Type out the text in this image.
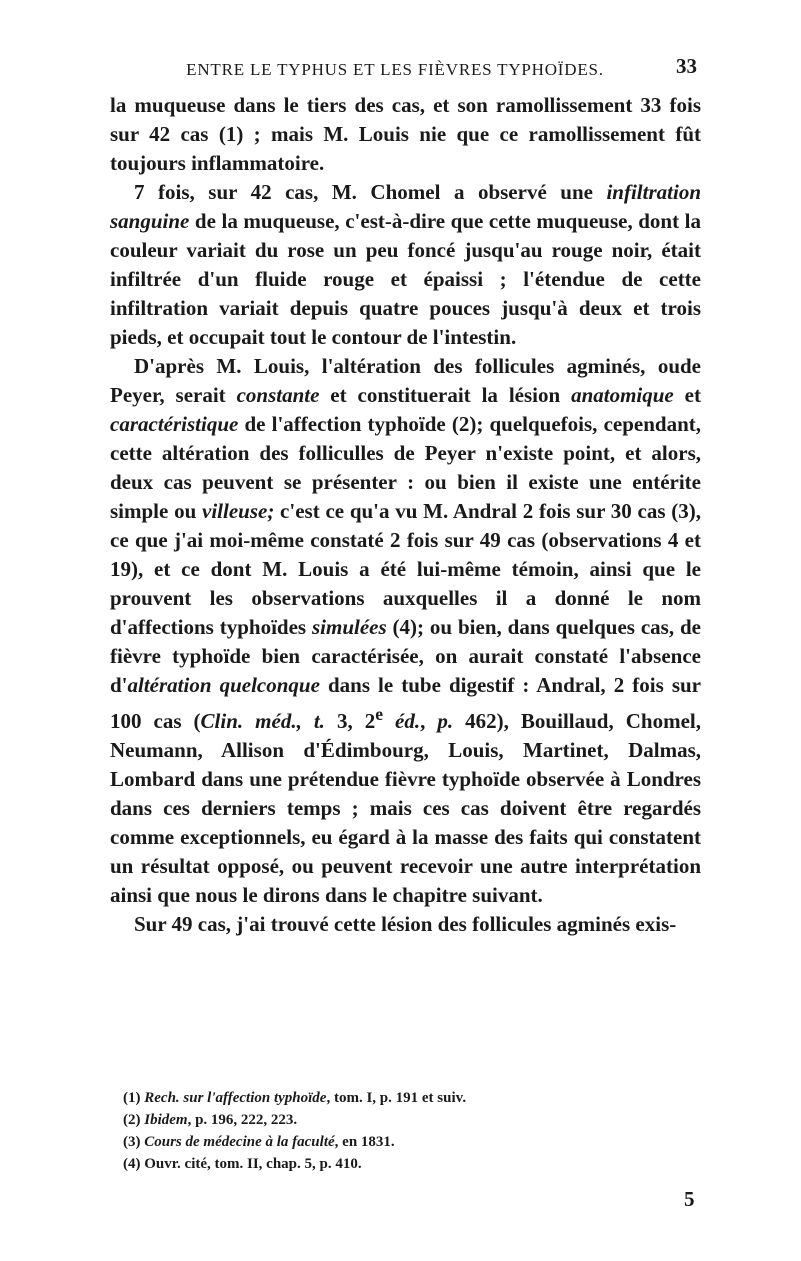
ENTRE LE TYPHUS ET LES FIÈVRES TYPHOÏDES.	33

la muqueuse dans le tiers des cas, et son ramollissement 33 fois sur 42 cas (1) ; mais M. Louis nie que ce ramollissement fût toujours inflammatoire.

7 fois, sur 42 cas, M. Chomel a observé une infiltration sanguine de la muqueuse, c'est-à-dire que cette muqueuse, dont la couleur variait du rose un peu foncé jusqu'au rouge noir, était infiltrée d'un fluide rouge et épaissi ; l'étendue de cette infiltration variait depuis quatre pouces jusqu'à deux et trois pieds, et occupait tout le contour de l'intestin.

D'après M. Louis, l'altération des follicules agminés, oude Peyer, serait constante et constituerait la lésion anatomique et caractéristique de l'affection typhoïde (2); quelquefois, cependant, cette altération des folliculles de Peyer n'existe point, et alors, deux cas peuvent se présenter : ou bien il existe une entérite simple ou villeuse; c'est ce qu'a vu M. Andral 2 fois sur 30 cas (3), ce que j'ai moi-même constaté 2 fois sur 49 cas (observations 4 et 19), et ce dont M. Louis a été lui-même témoin, ainsi que le prouvent les observations auxquelles il a donné le nom d'affections typhoïdes simulées (4); ou bien, dans quelques cas, de fièvre typhoïde bien caractérisée, on aurait constaté l'absence d'altération quelconque dans le tube digestif : Andral, 2 fois sur 100 cas (Clin. méd., t. 3, 2e éd., p. 462), Bouillaud, Chomel, Neumann, Allison d'Édimbourg, Louis, Martinet, Dalmas, Lombard dans une prétendue fièvre typhoïde observée à Londres dans ces derniers temps ; mais ces cas doivent être regardés comme exceptionnels, eu égard à la masse des faits qui constatent un résultat opposé, ou peuvent recevoir une autre interprétation ainsi que nous le dirons dans le chapitre suivant.

Sur 49 cas, j'ai trouvé cette lésion des follicules agminés exis-

(1) Rech. sur l'affection typhoïde, tom. I, p. 191 et suiv.
(2) Ibidem, p. 196, 222, 223.
(3) Cours de médecine à la faculté, en 1831.
(4) Ouvr. cité, tom. II, chap. 5, p. 410.
5
